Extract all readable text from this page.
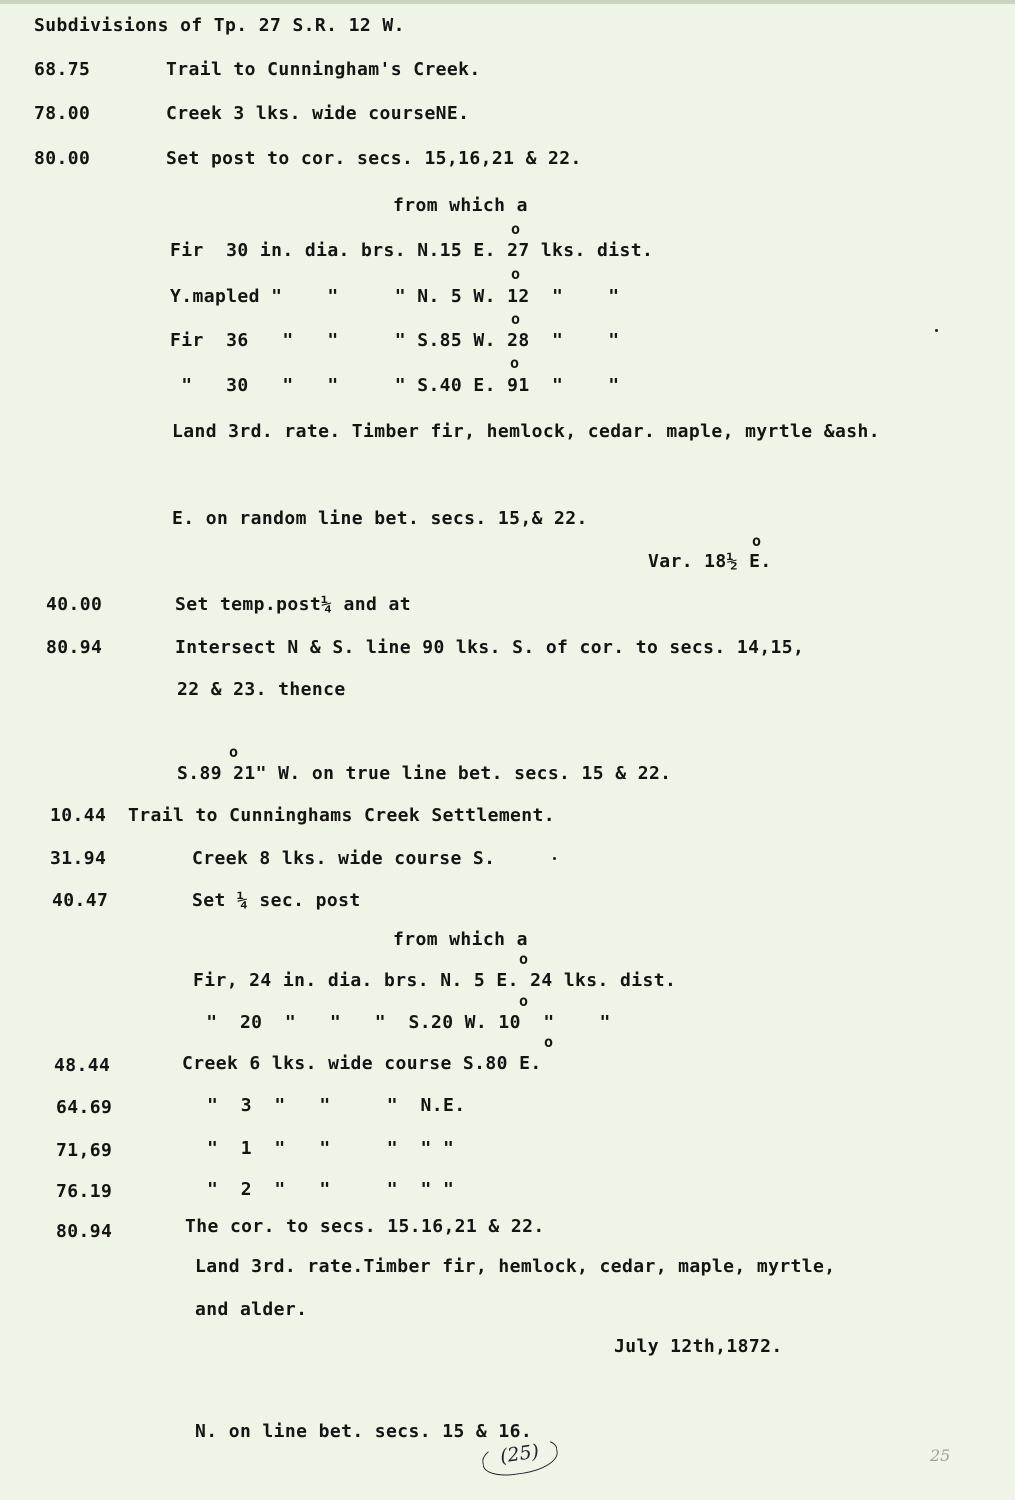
Subdivisions of Tp. 27 S.R. 12 W.
68.75	Trail to Cunningham's Creek.
78.00	Creek 3 lks. wide courseNE.
80.00	Set post to cor. secs. 15,16,21 & 22.
from which a
o
Fir  30 in. dia. brs. N.15 E. 27 lks. dist.
o
Y.mapled "    "     " N. 5 W. 12  "    "
o
Fir  36   "   "     " S.85 W. 28  "    "
o
"   30   "   "     " S.40 E. 91  "    "
Land 3rd. rate. Timber fir, hemlock, cedar. maple, myrtle &ash.
E. on random line bet. secs. 15,& 22.
o
Var. 18½ E.
40.00	Set temp.post¼ and at
80.94	Intersect N & S. line 90 lks. S. of cor. to secs. 14,15,
22 & 23. thence
o
S.89 21" W. on true line bet. secs. 15 & 22.
10.44 Trail to Cunninghams Creek Settlement.
31.94	Creek 8 lks. wide course S.
40.47	Set ¼ sec. post
from which a
o
Fir, 24 in. dia. brs. N. 5 E. 24 lks. dist.
o
"  20  "   "   "  S.20 W. 10  "    "
o
48.44	Creek 6 lks. wide course S.80 E.
64.69	"  3  "   "     "  N.E.
71,69	"  1  "   "     "  " "
76.19	"  2  "   "     "  " "
80.94	The cor. to secs. 15.16,21 & 22.
Land 3rd. rate.Timber fir, hemlock, cedar, maple, myrtle,
and alder.
July 12th,1872.
N. on line bet. secs. 15 & 16.
(25)	25
